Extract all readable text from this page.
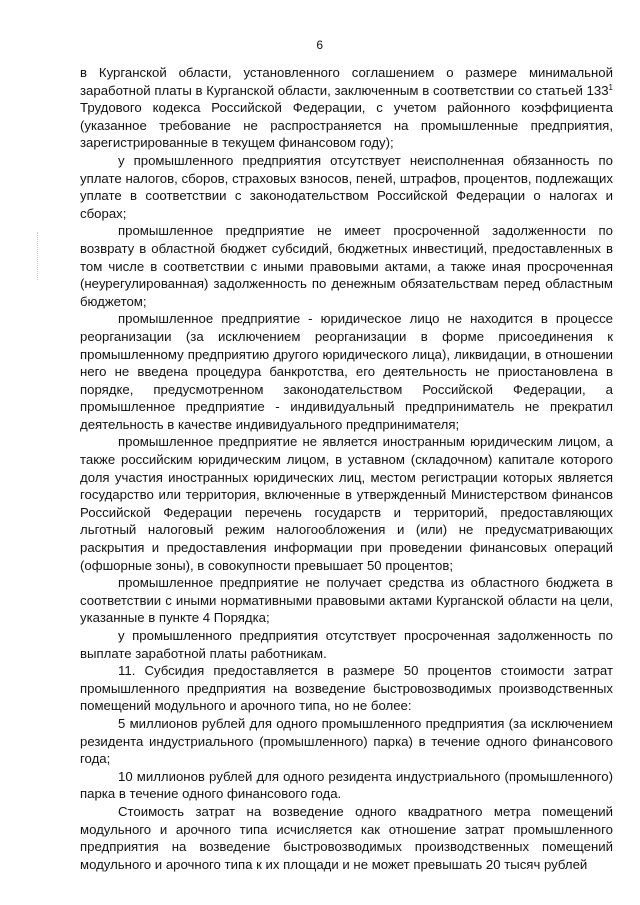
6

в Курганской области, установленного соглашением о размере минимальной заработной платы в Курганской области, заключенным в соответствии со статьей $133^1$ Трудового кодекса Российской Федерации, с учетом районного коэффициента (указанное требование не распространяется на промышленные предприятия, зарегистрированные в текущем финансовом году);

у промышленного предприятия отсутствует неисполненная обязанность по уплате налогов, сборов, страховых взносов, пеней, штрафов, процентов, подлежащих уплате в соответствии с законодательством Российской Федерации о налогах и сборах;

промышленное предприятие не имеет просроченной задолженности по возврату в областной бюджет субсидий, бюджетных инвестиций, предоставленных в том числе в соответствии с иными правовыми актами, а также иная просроченная (неурегулированная) задолженность по денежным обязательствам перед областным бюджетом;

промышленное предприятие - юридическое лицо не находится в процессе реорганизации (за исключением реорганизации в форме присоединения к промышленному предприятию другого юридического лица), ликвидации, в отношении него не введена процедура банкротства, его деятельность не приостановлена в порядке, предусмотренном законодательством Российской Федерации, а промышленное предприятие - индивидуальный предприниматель не прекратил деятельность в качестве индивидуального предпринимателя;

промышленное предприятие не является иностранным юридическим лицом, а также российским юридическим лицом, в уставном (складочном) капитале которого доля участия иностранных юридических лиц, местом регистрации которых является государство или территория, включенные в утвержденный Министерством финансов Российской Федерации перечень государств и территорий, предоставляющих льготный налоговый режим налогообложения и (или) не предусматривающих раскрытия и предоставления информации при проведении финансовых операций (офшорные зоны), в совокупности превышает 50 процентов;

промышленное предприятие не получает средства из областного бюджета в соответствии с иными нормативными правовыми актами Курганской области на цели, указанные в пункте 4 Порядка;

у промышленного предприятия отсутствует просроченная задолженность по выплате заработной платы работникам.

11. Субсидия предоставляется в размере 50 процентов стоимости затрат промышленного предприятия на возведение быстровозводимых производственных помещений модульного и арочного типа, но не более:

5 миллионов рублей для одного промышленного предприятия (за исключением резидента индустриального (промышленного) парка) в течение одного финансового года;

10 миллионов рублей для одного резидента индустриального (промышленного) парка в течение одного финансового года.

Стоимость затрат на возведение одного квадратного метра помещений модульного и арочного типа исчисляется как отношение затрат промышленного предприятия на возведение быстровозводимых производственных помещений модульного и арочного типа к их площади и не может превышать 20 тысяч рублей
